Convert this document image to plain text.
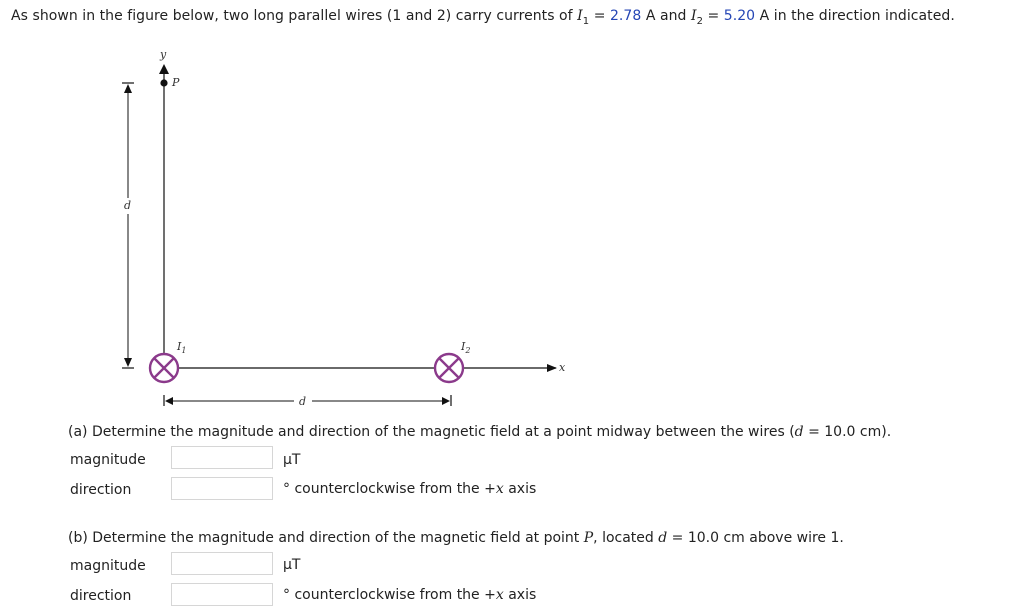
As shown in the figure below, two long parallel wires (1 and 2) carry currents of $I_1 = 2.78$ A and $I_2 = 5.20$ A in the direction indicated.
y
P
x
d
d
$I_1$	$I_2$
(a) Determine the magnitude and direction of the magnetic field at a point midway between the wires (d = 10.0 cm).
magnitude	μT
direction	° counterclockwise from the +x axis
(b) Determine the magnitude and direction of the magnetic field at point P, located d = 10.0 cm above wire 1.
magnitude	μT
direction	° counterclockwise from the +x axis
